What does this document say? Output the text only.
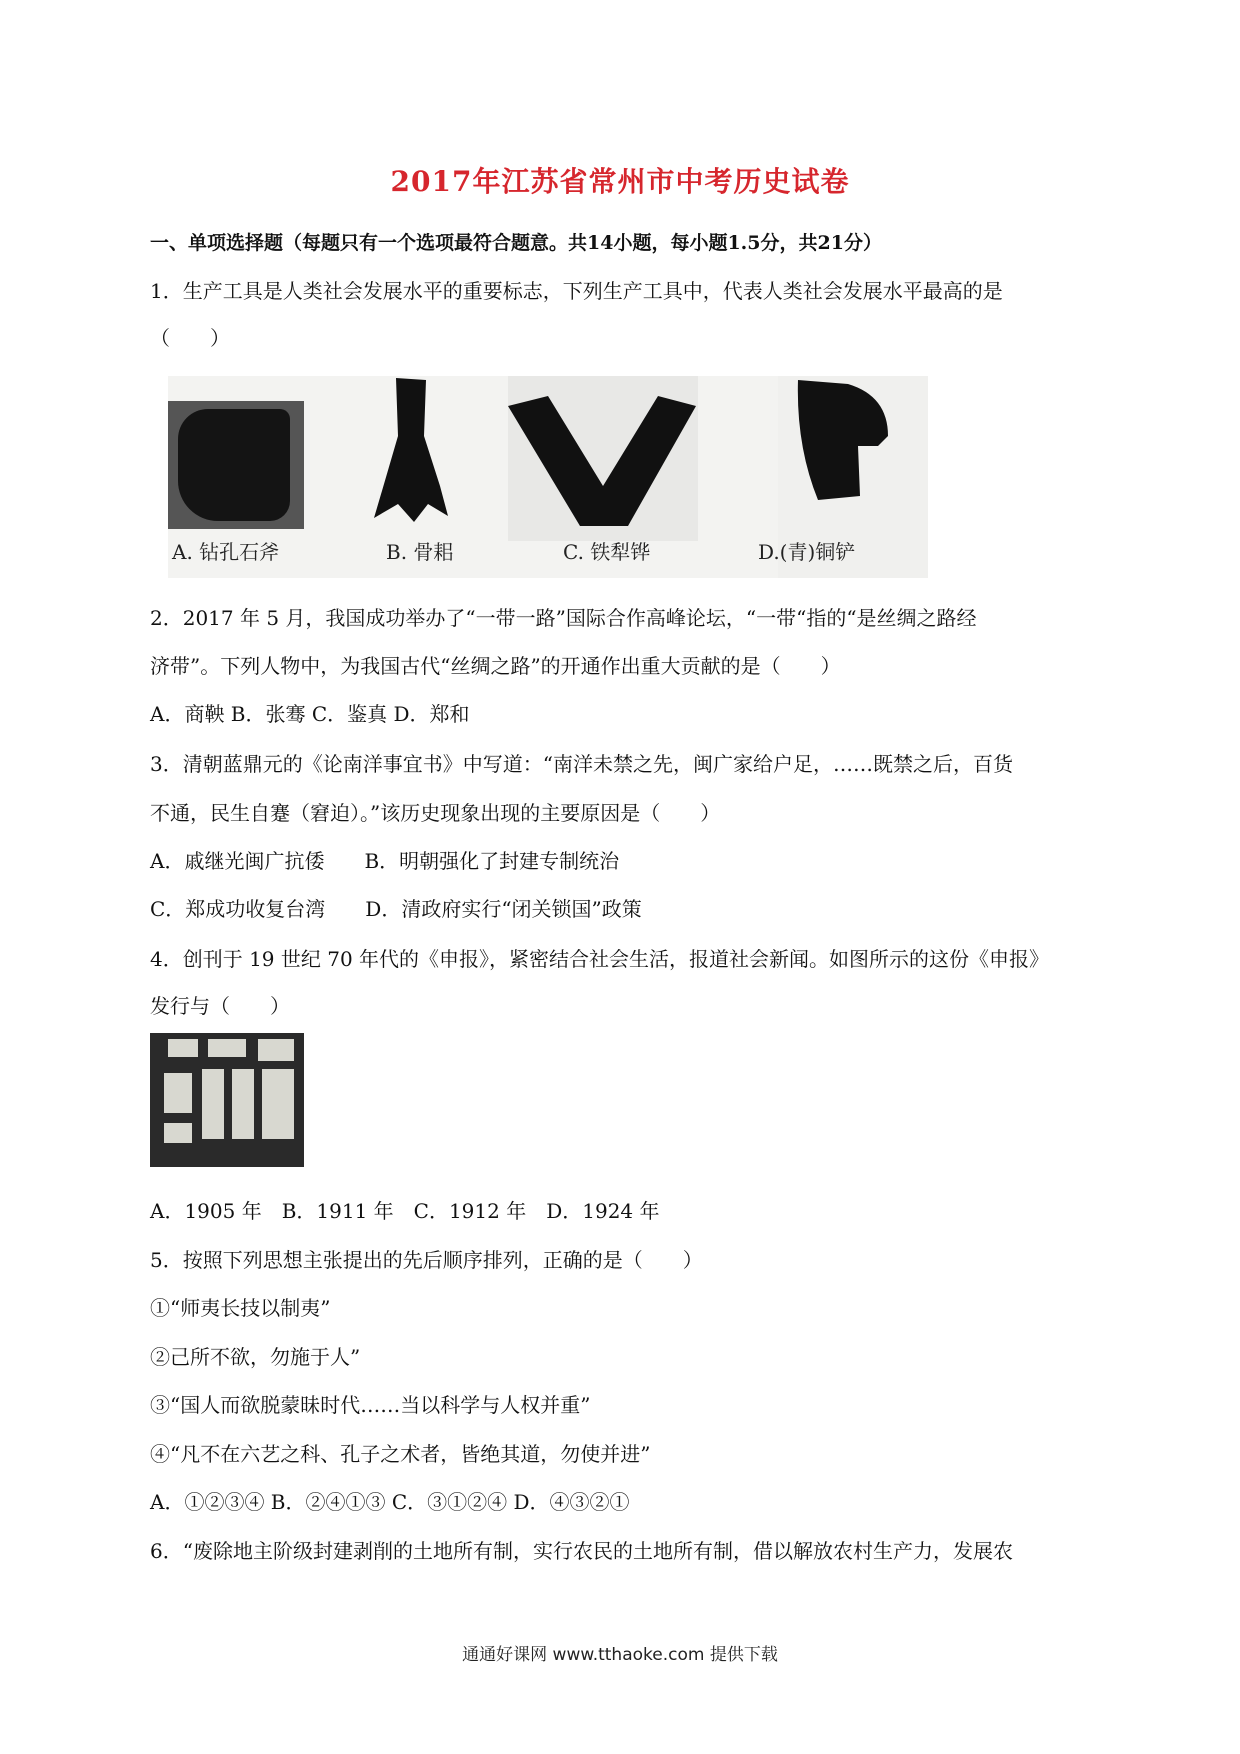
2017年江苏省常州市中考历史试卷
一、单项选择题（每题只有一个选项最符合题意。共14小题，每小题1.5分，共21分）
1．生产工具是人类社会发展水平的重要标志，下列生产工具中，代表人类社会发展水平最高的是
（　　）
A. 钻孔石斧	B. 骨耜	C. 铁犁铧	D.(青)铜铲
2．2017 年 5 月，我国成功举办了“一带一路”国际合作高峰论坛，“一带“指的“是丝绸之路经
济带”。下列人物中，为我国古代“丝绸之路”的开通作出重大贡献的是（　　）
A．商鞅 B．张骞 C．鉴真 D．郑和
3．清朝蓝鼎元的《论南洋事宜书》中写道：“南洋未禁之先，闽广家给户足，……既禁之后，百货
不通，民生自蹇（窘迫）。”该历史现象出现的主要原因是（　　）
A．戚继光闽广抗倭　　B．明朝强化了封建专制统治
C．郑成功收复台湾　　D．清政府实行“闭关锁国”政策
4．创刊于 19 世纪 70 年代的《申报》，紧密结合社会生活，报道社会新闻。如图所示的这份《申报》
发行与（　　）
A．1905 年　B．1911 年　C．1912 年　D．1924 年
5．按照下列思想主张提出的先后顺序排列，正确的是（　　）
①“师夷长技以制夷”
②己所不欲，勿施于人”
③“国人而欲脱蒙昧时代……当以科学与人权并重”
④“凡不在六艺之科、孔子之术者，皆绝其道，勿使并进”
A．①②③④ B．②④①③ C．③①②④ D．④③②①
6．“废除地主阶级封建剥削的土地所有制，实行农民的土地所有制，借以解放农村生产力，发展农
通通好课网 www.tthaoke.com 提供下载
